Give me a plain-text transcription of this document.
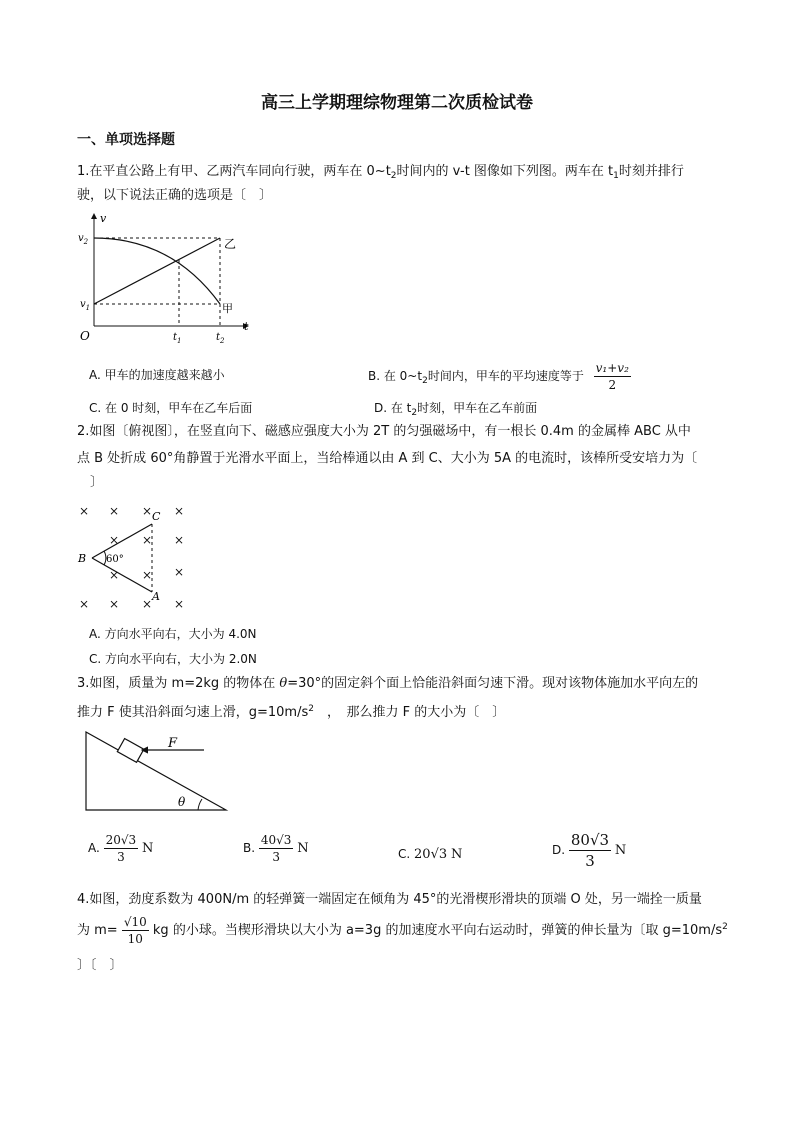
高三上学期理综物理第二次质检试卷
一、单项选择题
1.在平直公路上有甲、乙两汽车同向行驶，两车在 $0\sim t_2$时间内的 v-t 图像如下列图。两车在 $t_1$时刻并排行
驶，以下说法正确的选项是〔　〕
v
t
O
$v_2$
$v_1$
$t_1$	$t_2$
乙
甲
A. 甲车的加速度越来越小	B. 在 $0\sim t_2$时间内，甲车的平均速度等于 $\frac{\text{v₁+v₂}}{2}$
C. 在 0 时刻，甲车在乙车后面	D. 在 $t_2$时刻，甲车在乙车前面
2.如图〔俯视图〕，在竖直向下、磁感应强度大小为 2T 的匀强磁场中，有一根长 0.4m 的金属棒 ABC 从中
点 B 处折成 60°角静置于光滑水平面上，当给棒通以由 A 到 C、大小为 5A 的电流时，该棒所受安培力为〔
　〕
× × × ×
× × ×
×
× ×
× × × ×
C
B
A
60°
A. 方向水平向右，大小为 4.0N
C. 方向水平向右，大小为 2.0N
3.如图，质量为 m=2kg 的物体在 θ=30°的固定斜个面上恰能沿斜面匀速下滑。现对该物体施加水平向左的
推力 F 使其沿斜面匀速上滑，$g=10m/s^2$　，　那么推力 F 的大小为〔　〕
F
θ
A. $\frac{20√3}{3}$ N	B. $\frac{40√3}{3}$ N	C. 20√3 N	D. $\frac{80√3}{3}$ N
4.如图，劲度系数为 400N/m 的轻弹簧一端固定在倾角为 45°的光滑楔形滑块的顶端 O 处，另一端拴一质量
为 $m= \frac{√10}{10}$ kg 的小球。当楔形滑块以大小为 a=3g 的加速度水平向右运动时，弹簧的伸长量为〔取 $g=10m/s^2$
〕〔　〕
